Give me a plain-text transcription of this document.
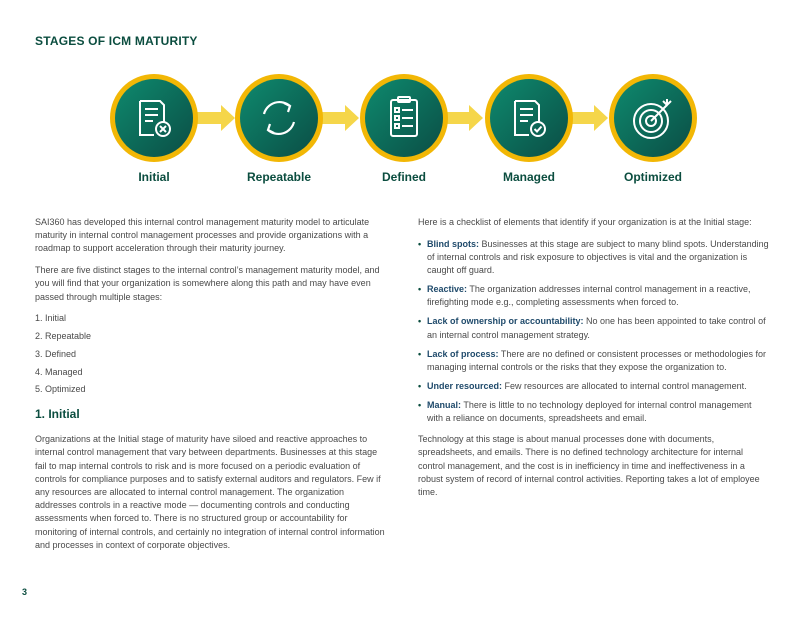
STAGES OF ICM MATURITY
Initial	Repeatable	Defined	Managed	Optimized

SAI360 has developed this internal control management maturity model to articulate maturity in internal control management processes and provide organizations with a roadmap to support acceleration through their maturity journey.

There are five distinct stages to the internal control’s management maturity model, and you will find that your organization is somewhere along this path and may have even passed through multiple stages:

1. Initial
2. Repeatable
3. Defined
4. Managed
5. Optimized
1. Initial

Organizations at the Initial stage of maturity have siloed and reactive approaches to internal control management that vary between departments. Businesses at this stage fail to map internal controls to risk and is more focused on a periodic evaluation of controls for compliance purposes and to satisfy external auditors and regulators. Few if any resources are allocated to internal control management. The organization addresses controls in a reactive mode — documenting controls and conducting assessments when forced to. There is no structured group or accountability for monitoring of internal controls, and certainly no integration of internal control information and processes in context of corporate objectives.

Here is a checklist of elements that identify if your organization is at the Initial stage:

• Blind spots: Businesses at this stage are subject to many blind spots. Understanding of internal controls and risk exposure to objectives is vital and the organization is caught off guard.
• Reactive: The organization addresses internal control management in a reactive, firefighting mode e.g., completing assessments when forced to.
• Lack of ownership or accountability: No one has been appointed to take control of an internal control management strategy.
• Lack of process: There are no defined or consistent processes or methodologies for managing internal controls or the risks that they expose the organization to.
• Under resourced: Few resources are allocated to internal control management.
• Manual: There is little to no technology deployed for internal control management with a reliance on documents, spreadsheets and email.

Technology at this stage is about manual processes done with documents, spreadsheets, and emails. There is no defined technology architecture for internal control management, and the cost is in inefficiency in time and ineffectiveness in a robust system of record of internal control activities. Reporting takes a lot of employee time.

3
